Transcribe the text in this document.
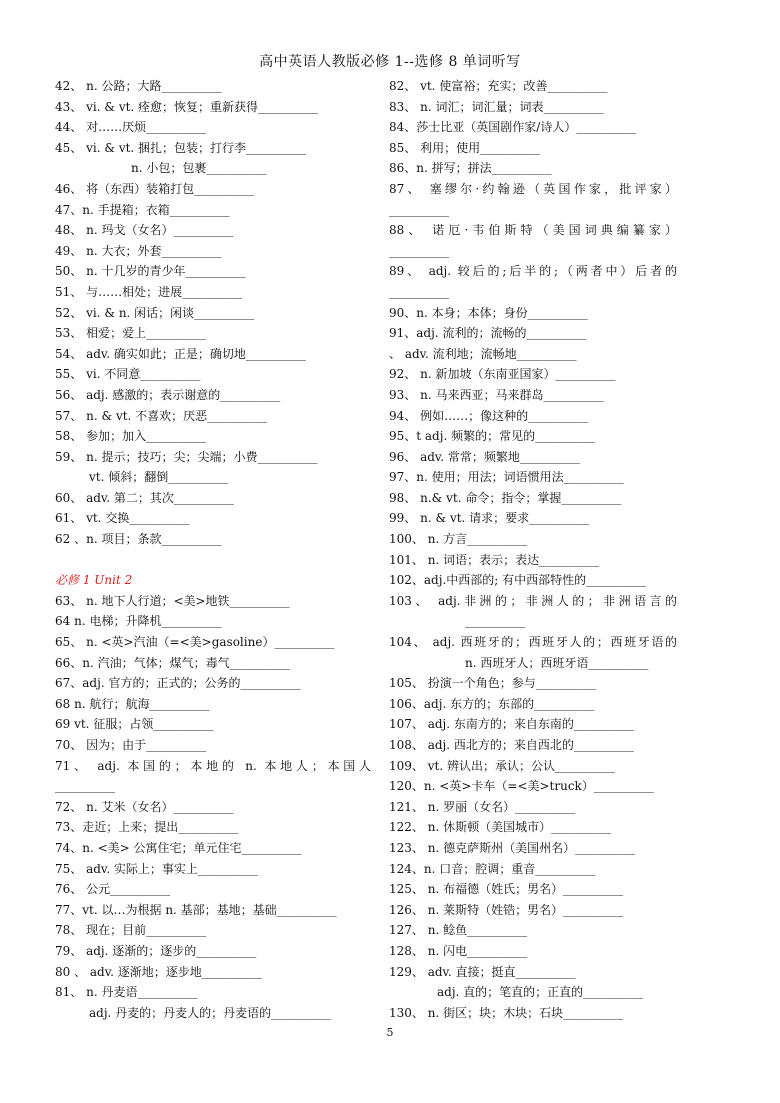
高中英语人教版必修 1--选修 8 单词听写
42、 n. 公路；大路__________
43、 vi. & vt. 痊愈；恢复；重新获得__________
44、 对……厌烦__________
45、 vi. & vt. 捆扎；包装；打行李__________
n. 小包；包裹__________
46、 将（东西）装箱打包__________
47、n. 手提箱；衣箱__________
48、 n. 玛戈（女名）__________
49、 n. 大衣；外套__________
50、 n. 十几岁的青少年__________
51、 与……相处；进展__________
52、 vi. & n. 闲话；闲谈__________
53、 相爱；爱上__________
54、 adv. 确实如此；正是；确切地__________
55、 vi. 不同意__________
56、 adj. 感激的；表示谢意的__________
57、 n. & vt. 不喜欢；厌恶__________
58、 参加；加入__________
59、 n. 提示；技巧；尖；尖端；小费__________
vt. 倾斜；翻倒__________
60、 adv. 第二；其次__________
61、 vt. 交换__________
62 、n. 项目；条款__________
必修 1 Unit 2
63、 n. 地下人行道；<美>地铁__________
64 n. 电梯；升降机__________
65、 n. <英>汽油（=<美>gasoline）__________
66、n. 汽油；气体；煤气；毒气__________
67、adj. 官方的；正式的；公务的__________
68 n. 航行；航海__________
69 vt. 征服；占领__________
70、 因为；由于__________
71、 adj. 本国的；本地的 n. 本地人；本国人
__________
72、 n. 艾米（女名）__________
73、走近；上来；提出__________
74、n. <美> 公寓住宅；单元住宅__________
75、 adv. 实际上；事实上__________
76、 公元__________
77、vt. 以…为根据 n. 基部；基地；基础__________
78、 现在；目前__________
79、 adj. 逐渐的；逐步的__________
80 、 adv. 逐渐地；逐步地__________
81、 n. 丹麦语__________
adj. 丹麦的；丹麦人的；丹麦语的__________
82、 vt. 使富裕；充实；改善__________
83、 n. 词汇；词汇量；词表__________
84、莎士比亚（英国剧作家/诗人）__________
85、 利用；使用__________
86、n. 拼写；拼法__________
87、 塞缪尔·约翰逊（英国作家，批评家）
__________
88、 诺厄·韦伯斯特（美国词典编纂家）
__________
89、 adj. 较后的;后半的;（两者中）后者的
__________
90、n. 本身；本体；身份__________
91、adj. 流利的；流畅的__________
、 adv. 流利地；流畅地__________
92、 n. 新加坡（东南亚国家）__________
93、 n. 马来西亚；马来群岛__________
94、 例如……；像这种的__________
95、t adj. 频繁的；常见的__________
96、 adv. 常常；频繁地__________
97、n. 使用；用法；词语惯用法__________
98、 n.& vt. 命令；指令；掌握__________
99、 n. & vt. 请求；要求__________
100、 n. 方言__________
101、 n. 词语；表示；表达__________
102、adj.中西部的; 有中西部特性的__________
103、 adj.非洲的；非洲人的；非洲语言的
__________
104、 adj. 西班牙的；西班牙人的；西班牙语的
n. 西班牙人；西班牙语__________
105、 扮演一个角色；参与__________
106、adj. 东方的；东部的__________
107、 adj. 东南方的；来自东南的__________
108、 adj. 西北方的；来自西北的__________
109、 vt. 辨认出；承认；公认__________
120、n. <英>卡车（=<美>truck）__________
121、 n. 罗丽（女名）__________
122、 n. 休斯顿（美国城市）__________
123、 n. 德克萨斯州（美国州名）__________
124、n. 口音；腔调；重音__________
125、 n. 布福德（姓氏；男名）__________
126、 n. 莱斯特（姓锆；男名）__________
127、 n. 鲶鱼__________
128、 n. 闪电__________
129、 adv. 直接；挺直__________
adj. 直的；笔直的；正直的__________
130、 n. 街区；块；木块；石块__________
5
